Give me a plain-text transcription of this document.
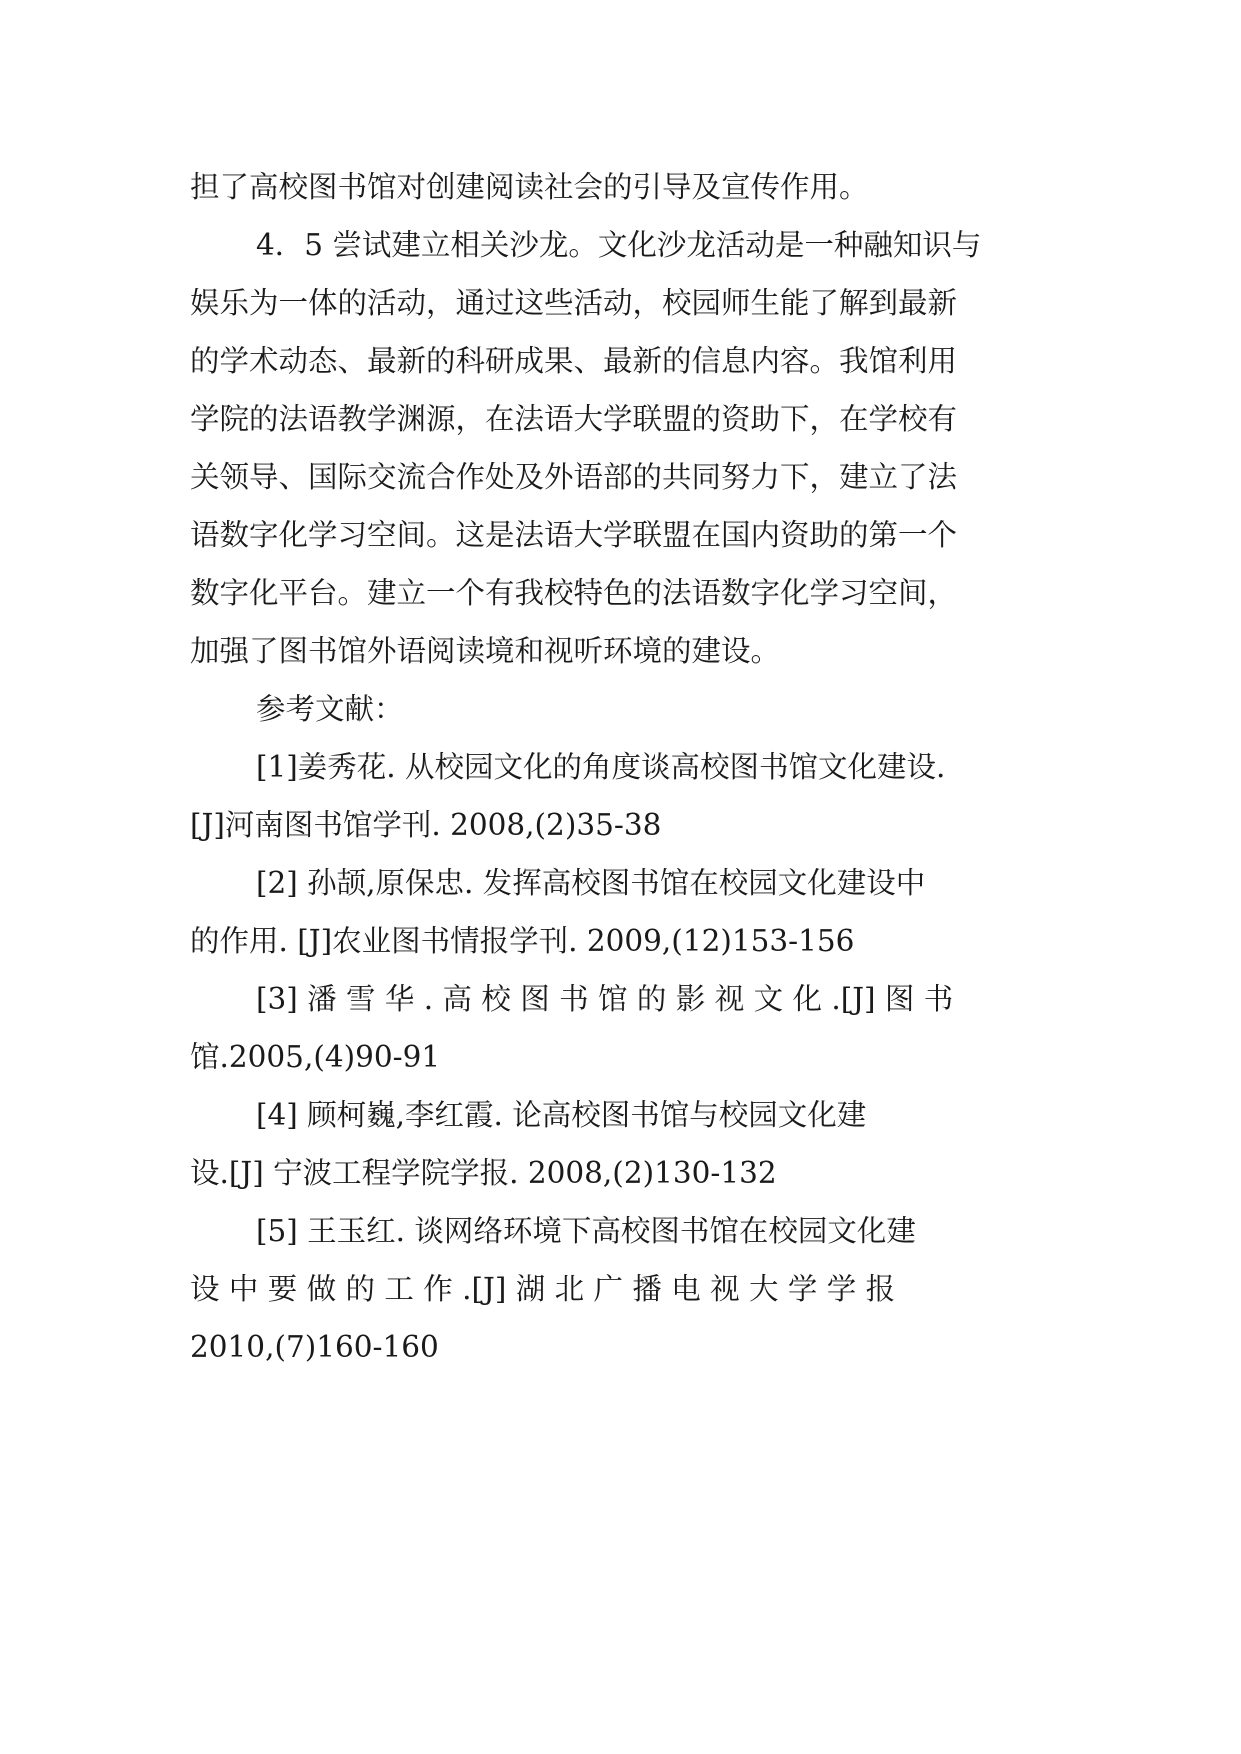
担了高校图书馆对创建阅读社会的引导及宣传作用。
4．5 尝试建立相关沙龙。文化沙龙活动是一种融知识与
娱乐为一体的活动，通过这些活动，校园师生能了解到最新
的学术动态、最新的科研成果、最新的信息内容。我馆利用
学院的法语教学渊源，在法语大学联盟的资助下，在学校有
关领导、国际交流合作处及外语部的共同努力下，建立了法
语数字化学习空间。这是法语大学联盟在国内资助的第一个
数字化平台。建立一个有我校特色的法语数字化学习空间，
加强了图书馆外语阅读境和视听环境的建设。
参考文献：
[1]姜秀花. 从校园文化的角度谈高校图书馆文化建设.
[J]河南图书馆学刊. 2008,(2)35-38
[2] 孙颉,原保忠. 发挥高校图书馆在校园文化建设中
的作用. [J]农业图书情报学刊. 2009,(12)153-156
[3] 潘 雪 华 . 高 校 图 书 馆 的 影 视 文 化 .[J] 图 书
馆.2005,(4)90-91
[4] 顾柯巍,李红霞. 论高校图书馆与校园文化建
设.[J] 宁波工程学院学报. 2008,(2)130-132
[5] 王玉红. 谈网络环境下高校图书馆在校园文化建
设 中 要 做 的 工 作 .[J] 湖 北 广 播 电 视 大 学 学 报
2010,(7)160-160
